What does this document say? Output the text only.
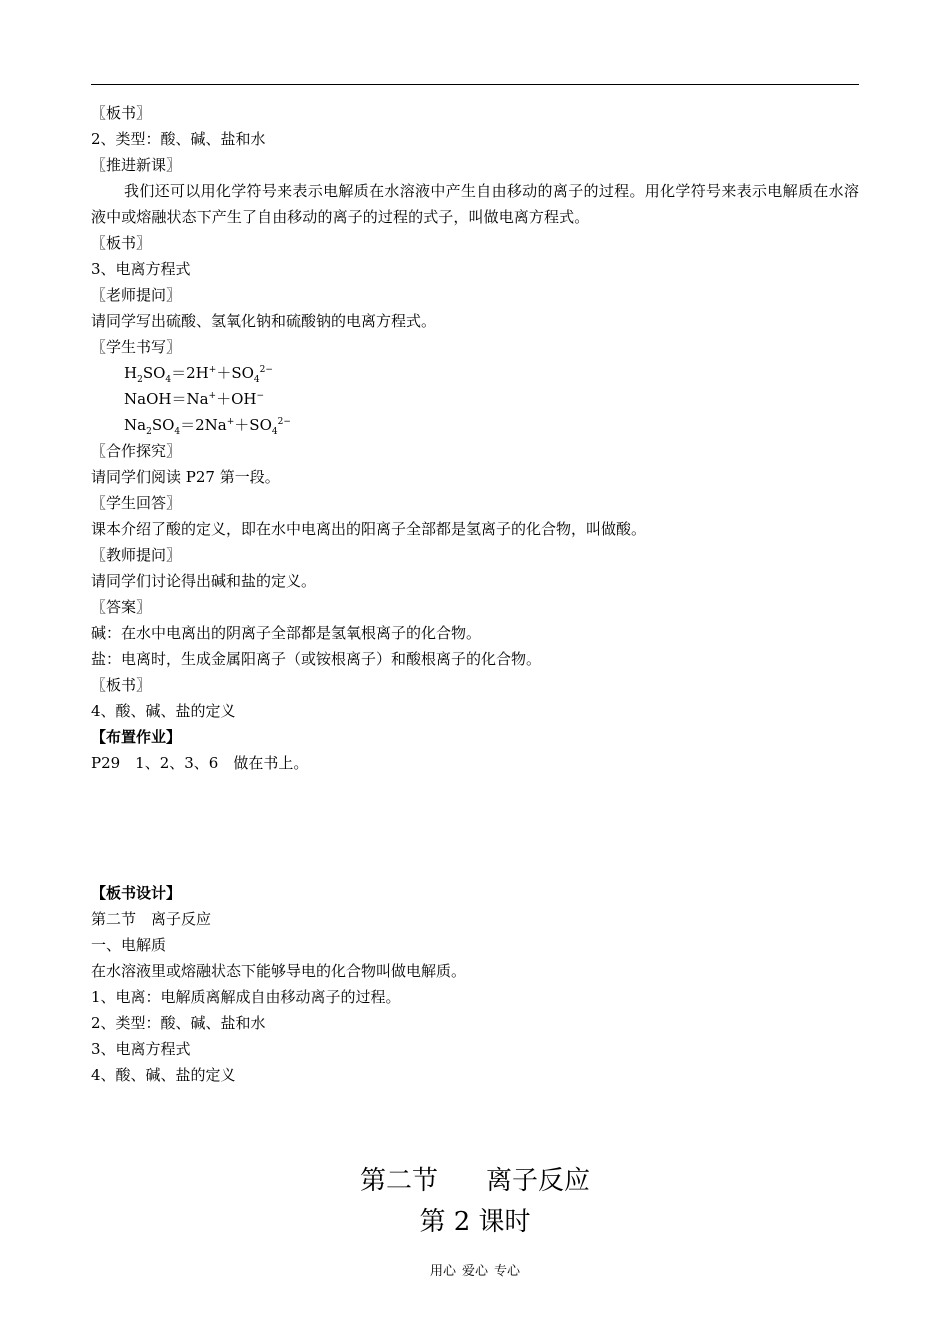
〖板书〗
2、类型：酸、碱、盐和水
〖推进新课〗
我们还可以用化学符号来表示电解质在水溶液中产生自由移动的离子的过程。用化学符号来表示电解质在水溶液中或熔融状态下产生了自由移动的离子的过程的式子，叫做电离方程式。
〖板书〗
3、电离方程式
〖老师提问〗
请同学写出硫酸、氢氧化钠和硫酸钠的电离方程式。
〖学生书写〗
$H_2SO_4=2H^++SO_4^{2-}$
NaOH＝Na+＋OH−
$Na_2SO_4=2Na^++SO_4^{2-}$
〖合作探究〗
请同学们阅读 P27 第一段。
〖学生回答〗
课本介绍了酸的定义，即在水中电离出的阳离子全部都是氢离子的化合物，叫做酸。
〖教师提问〗
请同学们讨论得出碱和盐的定义。
〖答案〗
碱：在水中电离出的阴离子全部都是氢氧根离子的化合物。
盐：电离时，生成金属阳离子（或铵根离子）和酸根离子的化合物。
〖板书〗
4、酸、碱、盐的定义
【布置作业】
P29　1、2、3、6　做在书上。
【板书设计】
第二节　离子反应
一、电解质
在水溶液里或熔融状态下能够导电的化合物叫做电解质。
1、电离：电解质离解成自由移动离子的过程。
2、类型：酸、碱、盐和水
3、电离方程式
4、酸、碱、盐的定义
第二节 离子反应
第 2 课时
用心 爱心 专心
